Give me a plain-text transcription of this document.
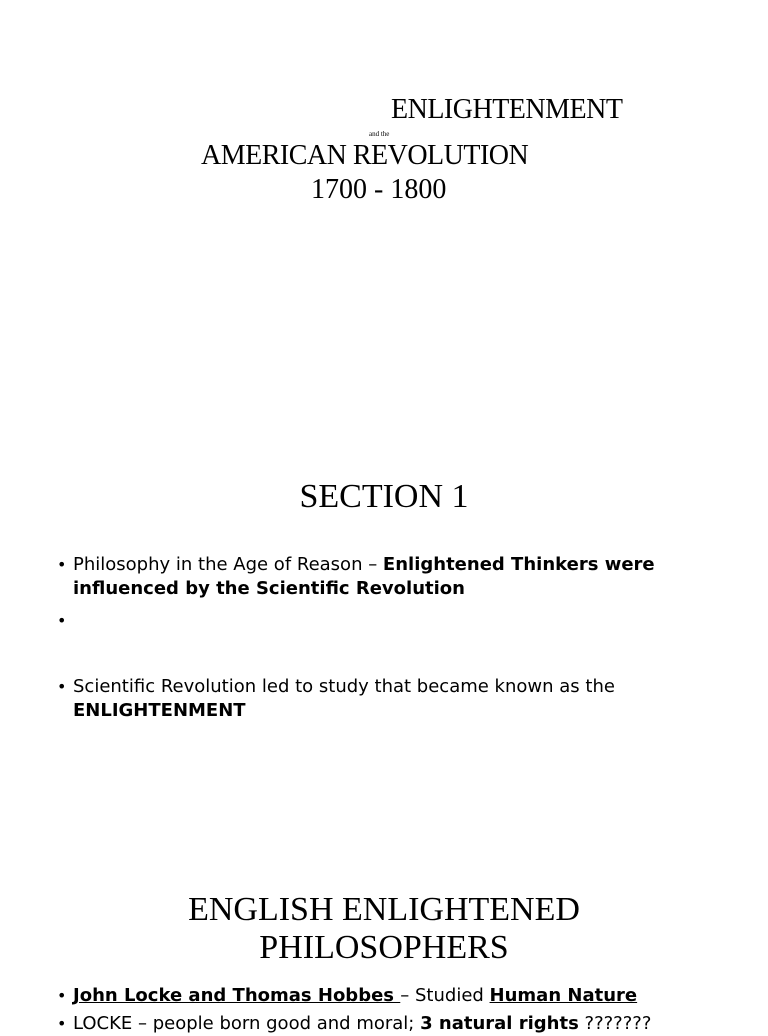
ENLIGHTENMENT
and the
AMERICAN REVOLUTION
1700 - 1800
SECTION 1
• Philosophy in the Age of Reason – Enlightened Thinkers were influenced by the Scientific Revolution
•
• Scientific Revolution led to study that became known as the ENLIGHTENMENT
ENGLISH ENLIGHTENED
PHILOSOPHERS
• John Locke and Thomas Hobbes – Studied Human Nature
• LOCKE – people born good and moral; 3 natural rights ???????
